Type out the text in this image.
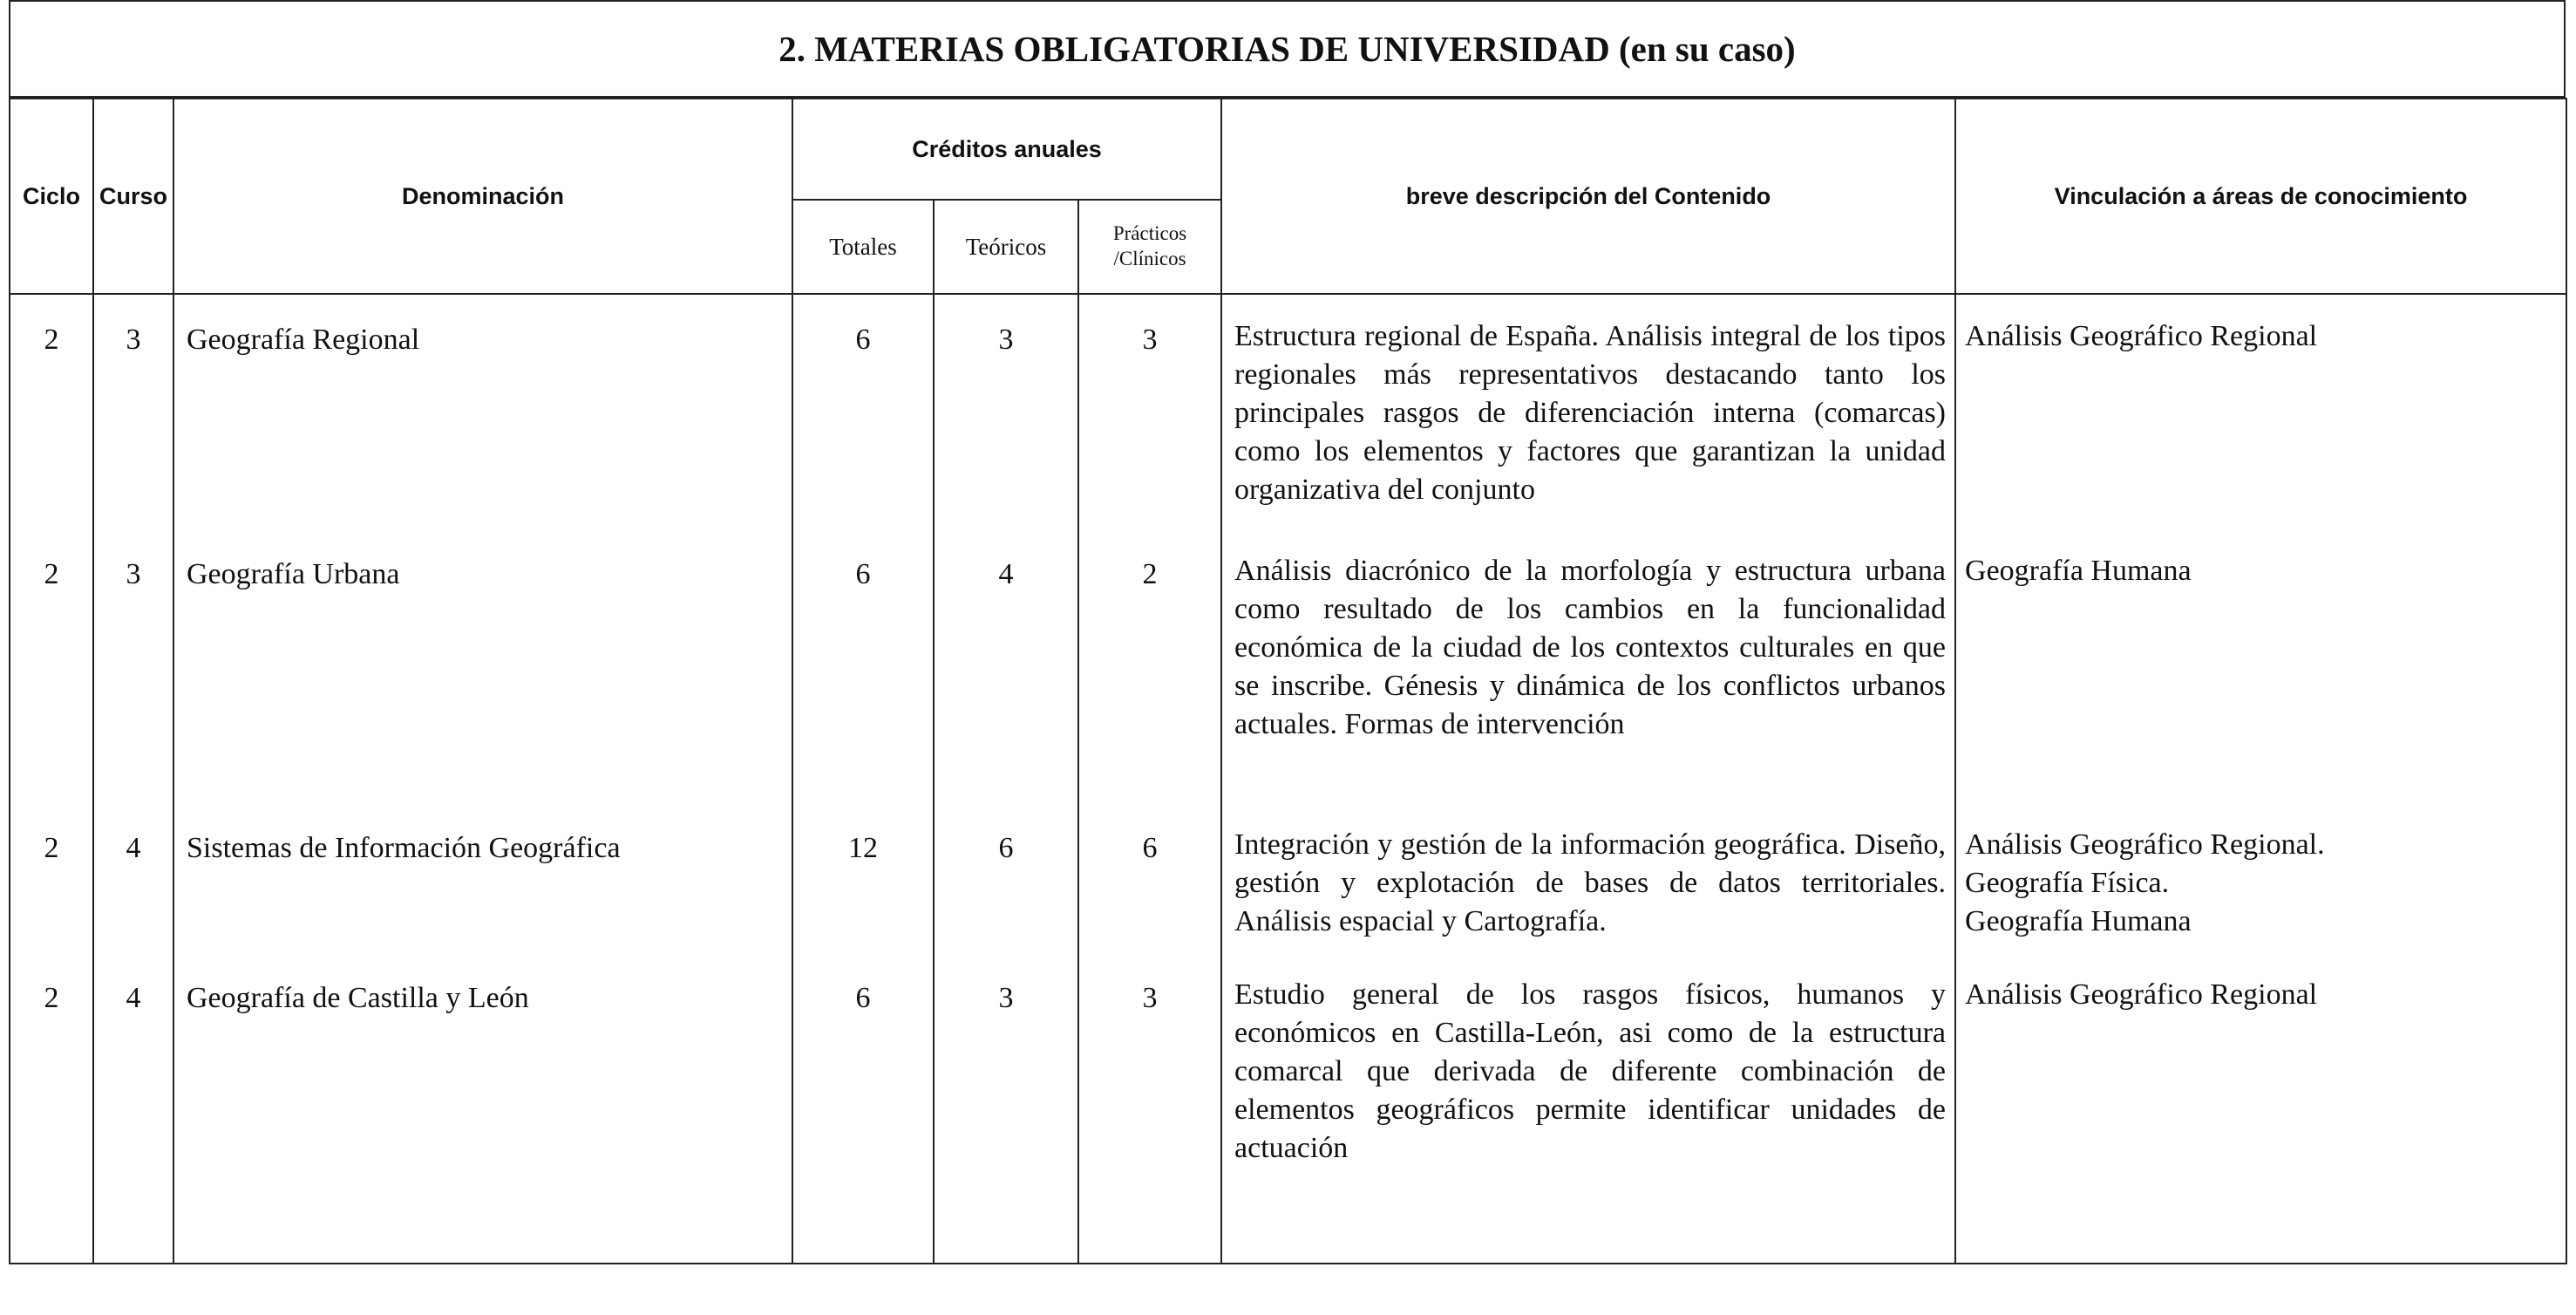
2. MATERIAS OBLIGATORIAS DE UNIVERSIDAD (en su caso)
Ciclo	Curso	Denominación	Créditos anuales			breve descripción del Contenido	Vinculación a áreas de conocimiento
			Totales	Teóricos	Prácticos /Clínicos		
2	3	Geografía Regional	6	3	3	Estructura regional de España. Análisis integral de los tipos regionales más representativos destacando tanto los principales rasgos de diferenciación interna (comarcas) como los elementos y factores que garantizan la unidad organizativa del conjunto	Análisis Geográfico Regional

2	3	Geografía Urbana	6	4	2	Análisis diacrónico de la morfología y estructura urbana como resultado de los cambios en la funcionalidad económica de la ciudad de los contextos culturales en que se inscribe. Génesis y dinámica de los conflictos urbanos actuales. Formas de intervención	Geografía Humana

2	4	Sistemas de Información Geográfica	12	6	6	Integración y gestión de la información geográfica. Diseño, gestión y explotación de bases de datos territoriales. Análisis espacial y Cartografía.	Análisis Geográfico Regional.
Geografía Física.
Geografía Humana

2	4	Geografía de Castilla y León	6	3	3	Estudio general de los rasgos físicos, humanos y económicos en Castilla-León, asi como de la estructura comarcal que derivada de diferente combinación de elementos geográficos permite identificar unidades de actuación	Análisis Geográfico Regional
